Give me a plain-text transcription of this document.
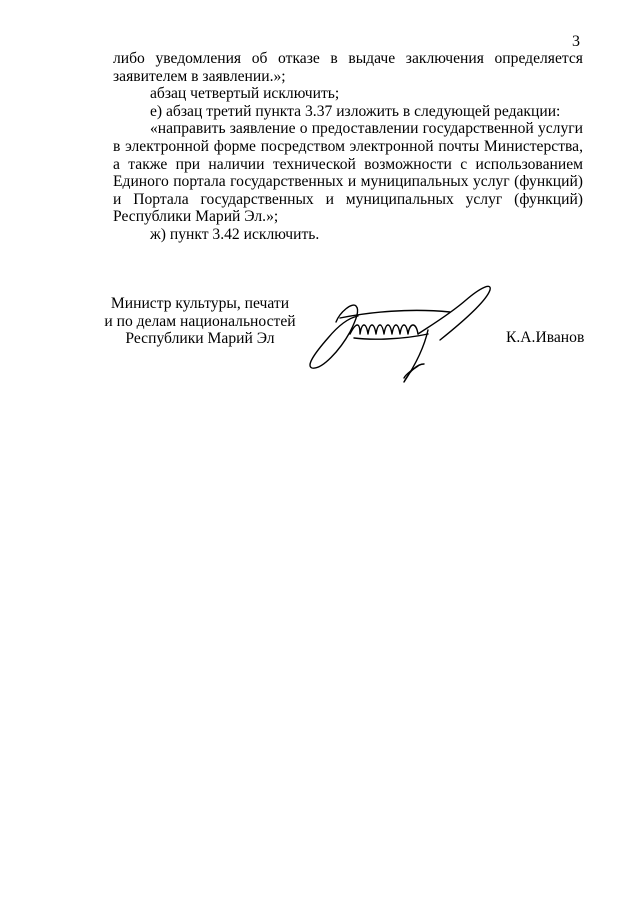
3

либо уведомления об отказе в выдаче заключения определяется заявителем в заявлении.»;

абзац четвертый исключить;

е) абзац третий пункта 3.37 изложить в следующей редакции:

«направить заявление о предоставлении государственной услуги в электронной форме посредством электронной почты Министерства, а также при наличии технической возможности с использованием Единого портала государственных и муниципальных услуг (функций) и Портала государственных и муниципальных услуг (функций) Республики Марий Эл.»;

ж) пункт 3.42 исключить.

Министр культуры, печати
и по делам национальностей
Республики Марий Эл	К.А.Иванов
